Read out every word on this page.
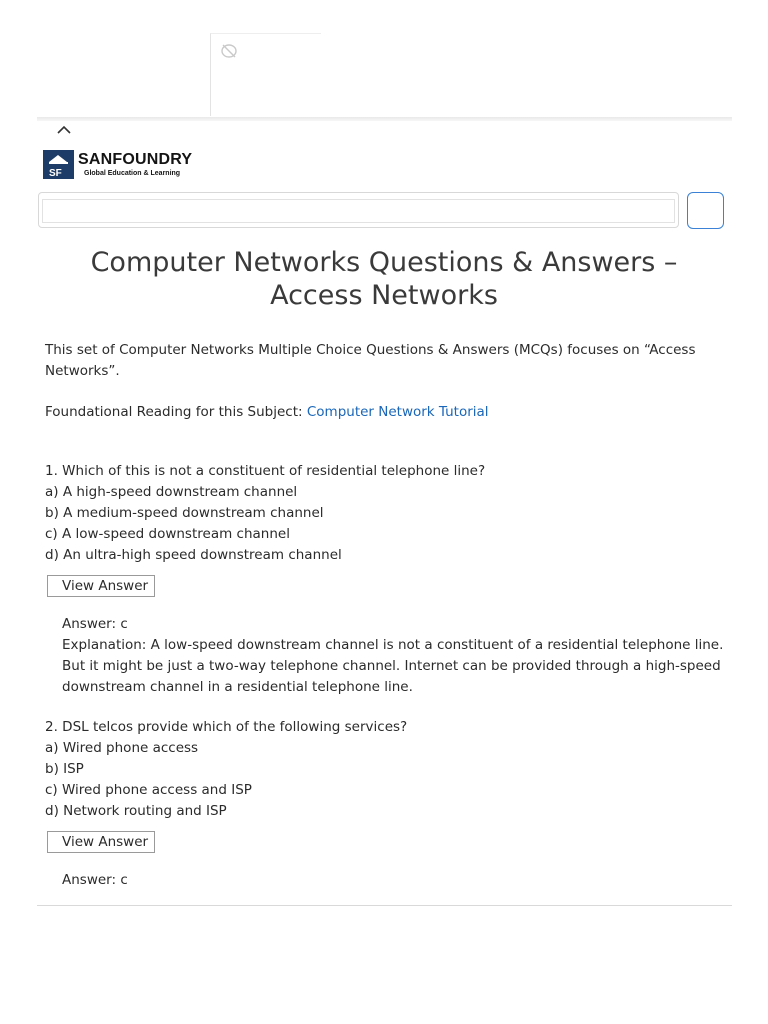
SF
SANFOUNDRY
Global Education & Learning
Computer Networks Questions & Answers – Access Networks

This set of Computer Networks Multiple Choice Questions & Answers (MCQs) focuses on “Access Networks”.

Foundational Reading for this Subject: Computer Network Tutorial

1. Which of this is not a constituent of residential telephone line?

a) A high-speed downstream channel

b) A medium-speed downstream channel

c) A low-speed downstream channel

d) An ultra-high speed downstream channel

View Answer

Answer: c

Explanation: A low-speed downstream channel is not a constituent of a residential telephone line. But it might be just a two-way telephone channel. Internet can be provided through a high-speed downstream channel in a residential telephone line.

2. DSL telcos provide which of the following services?

a) Wired phone access

b) ISP

c) Wired phone access and ISP

d) Network routing and ISP

View Answer

Answer: c
